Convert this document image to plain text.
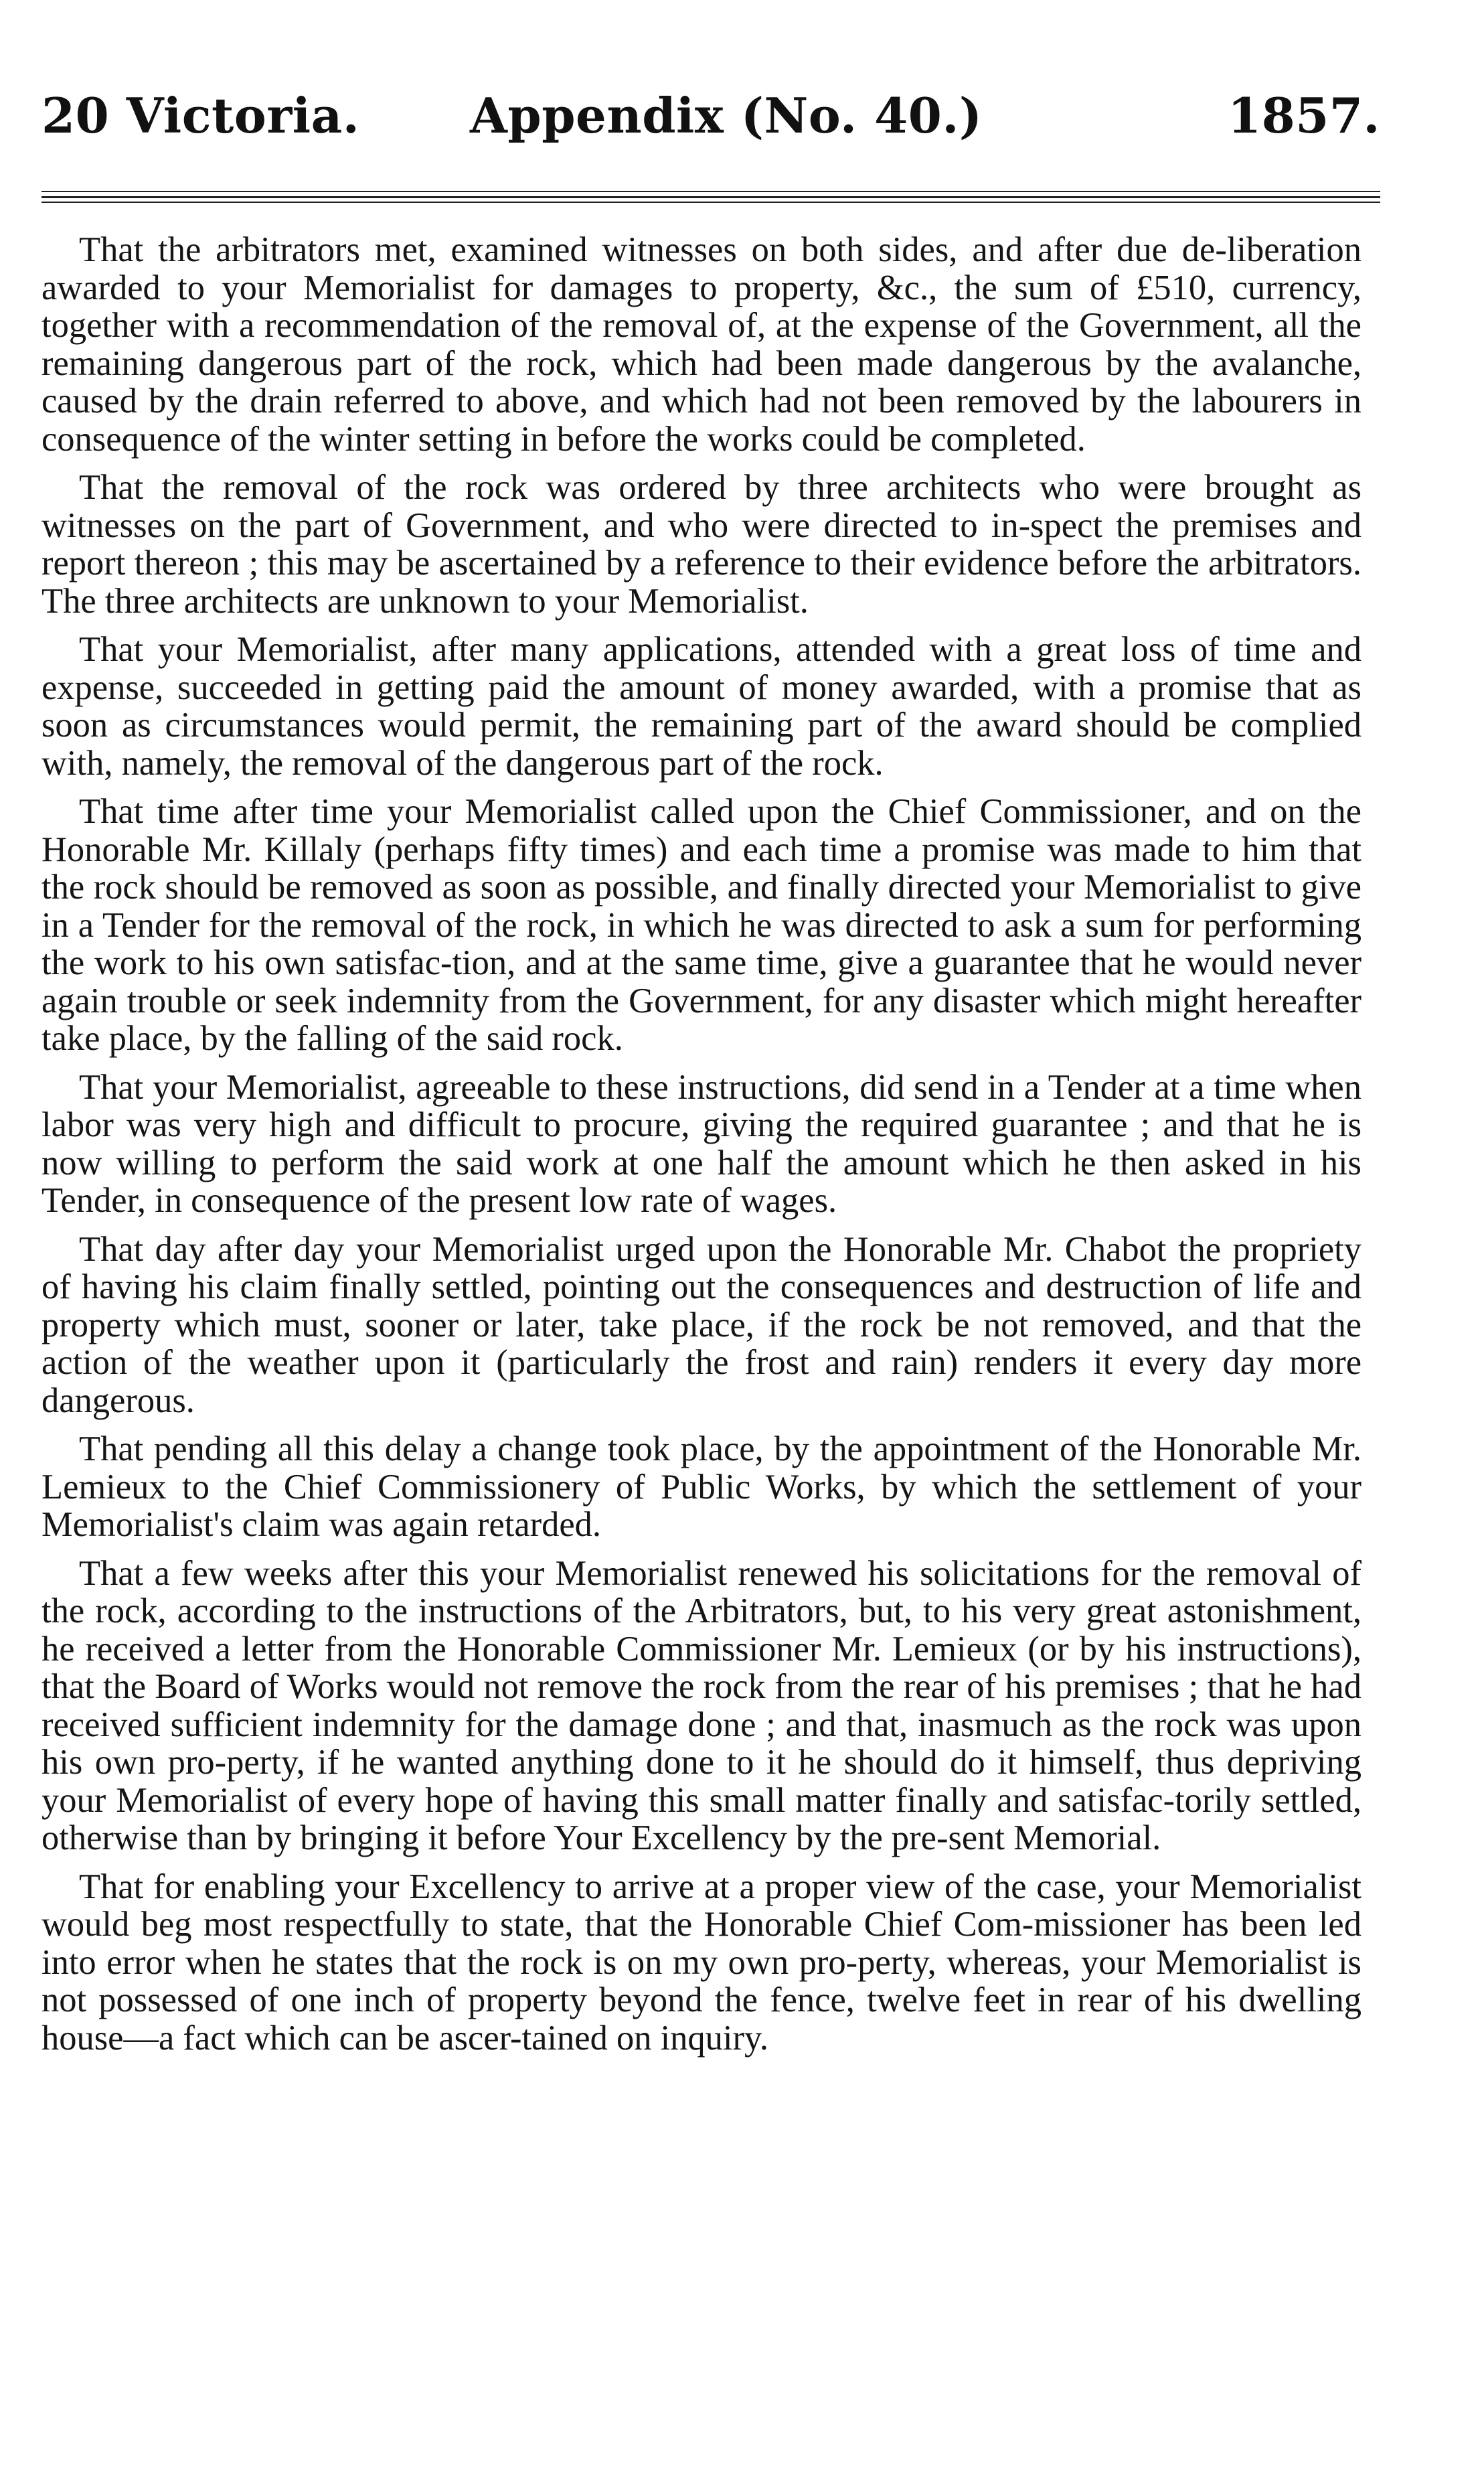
20 Victoria. Appendix (No. 40.)	1857.

That the arbitrators met, examined witnesses on both sides, and after due de-liberation awarded to your Memorialist for damages to property, &c., the sum of £510, currency, together with a recommendation of the removal of, at the expense of the Government, all the remaining dangerous part of the rock, which had been made dangerous by the avalanche, caused by the drain referred to above, and which had not been removed by the labourers in consequence of the winter setting in before the works could be completed.

That the removal of the rock was ordered by three architects who were brought as witnesses on the part of Government, and who were directed to in-spect the premises and report thereon ; this may be ascertained by a reference to their evidence before the arbitrators. The three architects are unknown to your Memorialist.

That your Memorialist, after many applications, attended with a great loss of time and expense, succeeded in getting paid the amount of money awarded, with a promise that as soon as circumstances would permit, the remaining part of the award should be complied with, namely, the removal of the dangerous part of the rock.

That time after time your Memorialist called upon the Chief Commissioner, and on the Honorable Mr. Killaly (perhaps fifty times) and each time a promise was made to him that the rock should be removed as soon as possible, and finally directed your Memorialist to give in a Tender for the removal of the rock, in which he was directed to ask a sum for performing the work to his own satisfac-tion, and at the same time, give a guarantee that he would never again trouble or seek indemnity from the Government, for any disaster which might hereafter take place, by the falling of the said rock.

That your Memorialist, agreeable to these instructions, did send in a Tender at a time when labor was very high and difficult to procure, giving the required guarantee ; and that he is now willing to perform the said work at one half the amount which he then asked in his Tender, in consequence of the present low rate of wages.

That day after day your Memorialist urged upon the Honorable Mr. Chabot the propriety of having his claim finally settled, pointing out the consequences and destruction of life and property which must, sooner or later, take place, if the rock be not removed, and that the action of the weather upon it (particularly the frost and rain) renders it every day more dangerous.

That pending all this delay a change took place, by the appointment of the Honorable Mr. Lemieux to the Chief Commissionery of Public Works, by which the settlement of your Memorialist's claim was again retarded.

That a few weeks after this your Memorialist renewed his solicitations for the removal of the rock, according to the instructions of the Arbitrators, but, to his very great astonishment, he received a letter from the Honorable Commissioner Mr. Lemieux (or by his instructions), that the Board of Works would not remove the rock from the rear of his premises ; that he had received sufficient indemnity for the damage done ; and that, inasmuch as the rock was upon his own pro-perty, if he wanted anything done to it he should do it himself, thus depriving your Memorialist of every hope of having this small matter finally and satisfac-torily settled, otherwise than by bringing it before Your Excellency by the pre-sent Memorial.

That for enabling your Excellency to arrive at a proper view of the case, your Memorialist would beg most respectfully to state, that the Honorable Chief Com-missioner has been led into error when he states that the rock is on my own pro-perty, whereas, your Memorialist is not possessed of one inch of property beyond the fence, twelve feet in rear of his dwelling house—a fact which can be ascer-tained on inquiry.
